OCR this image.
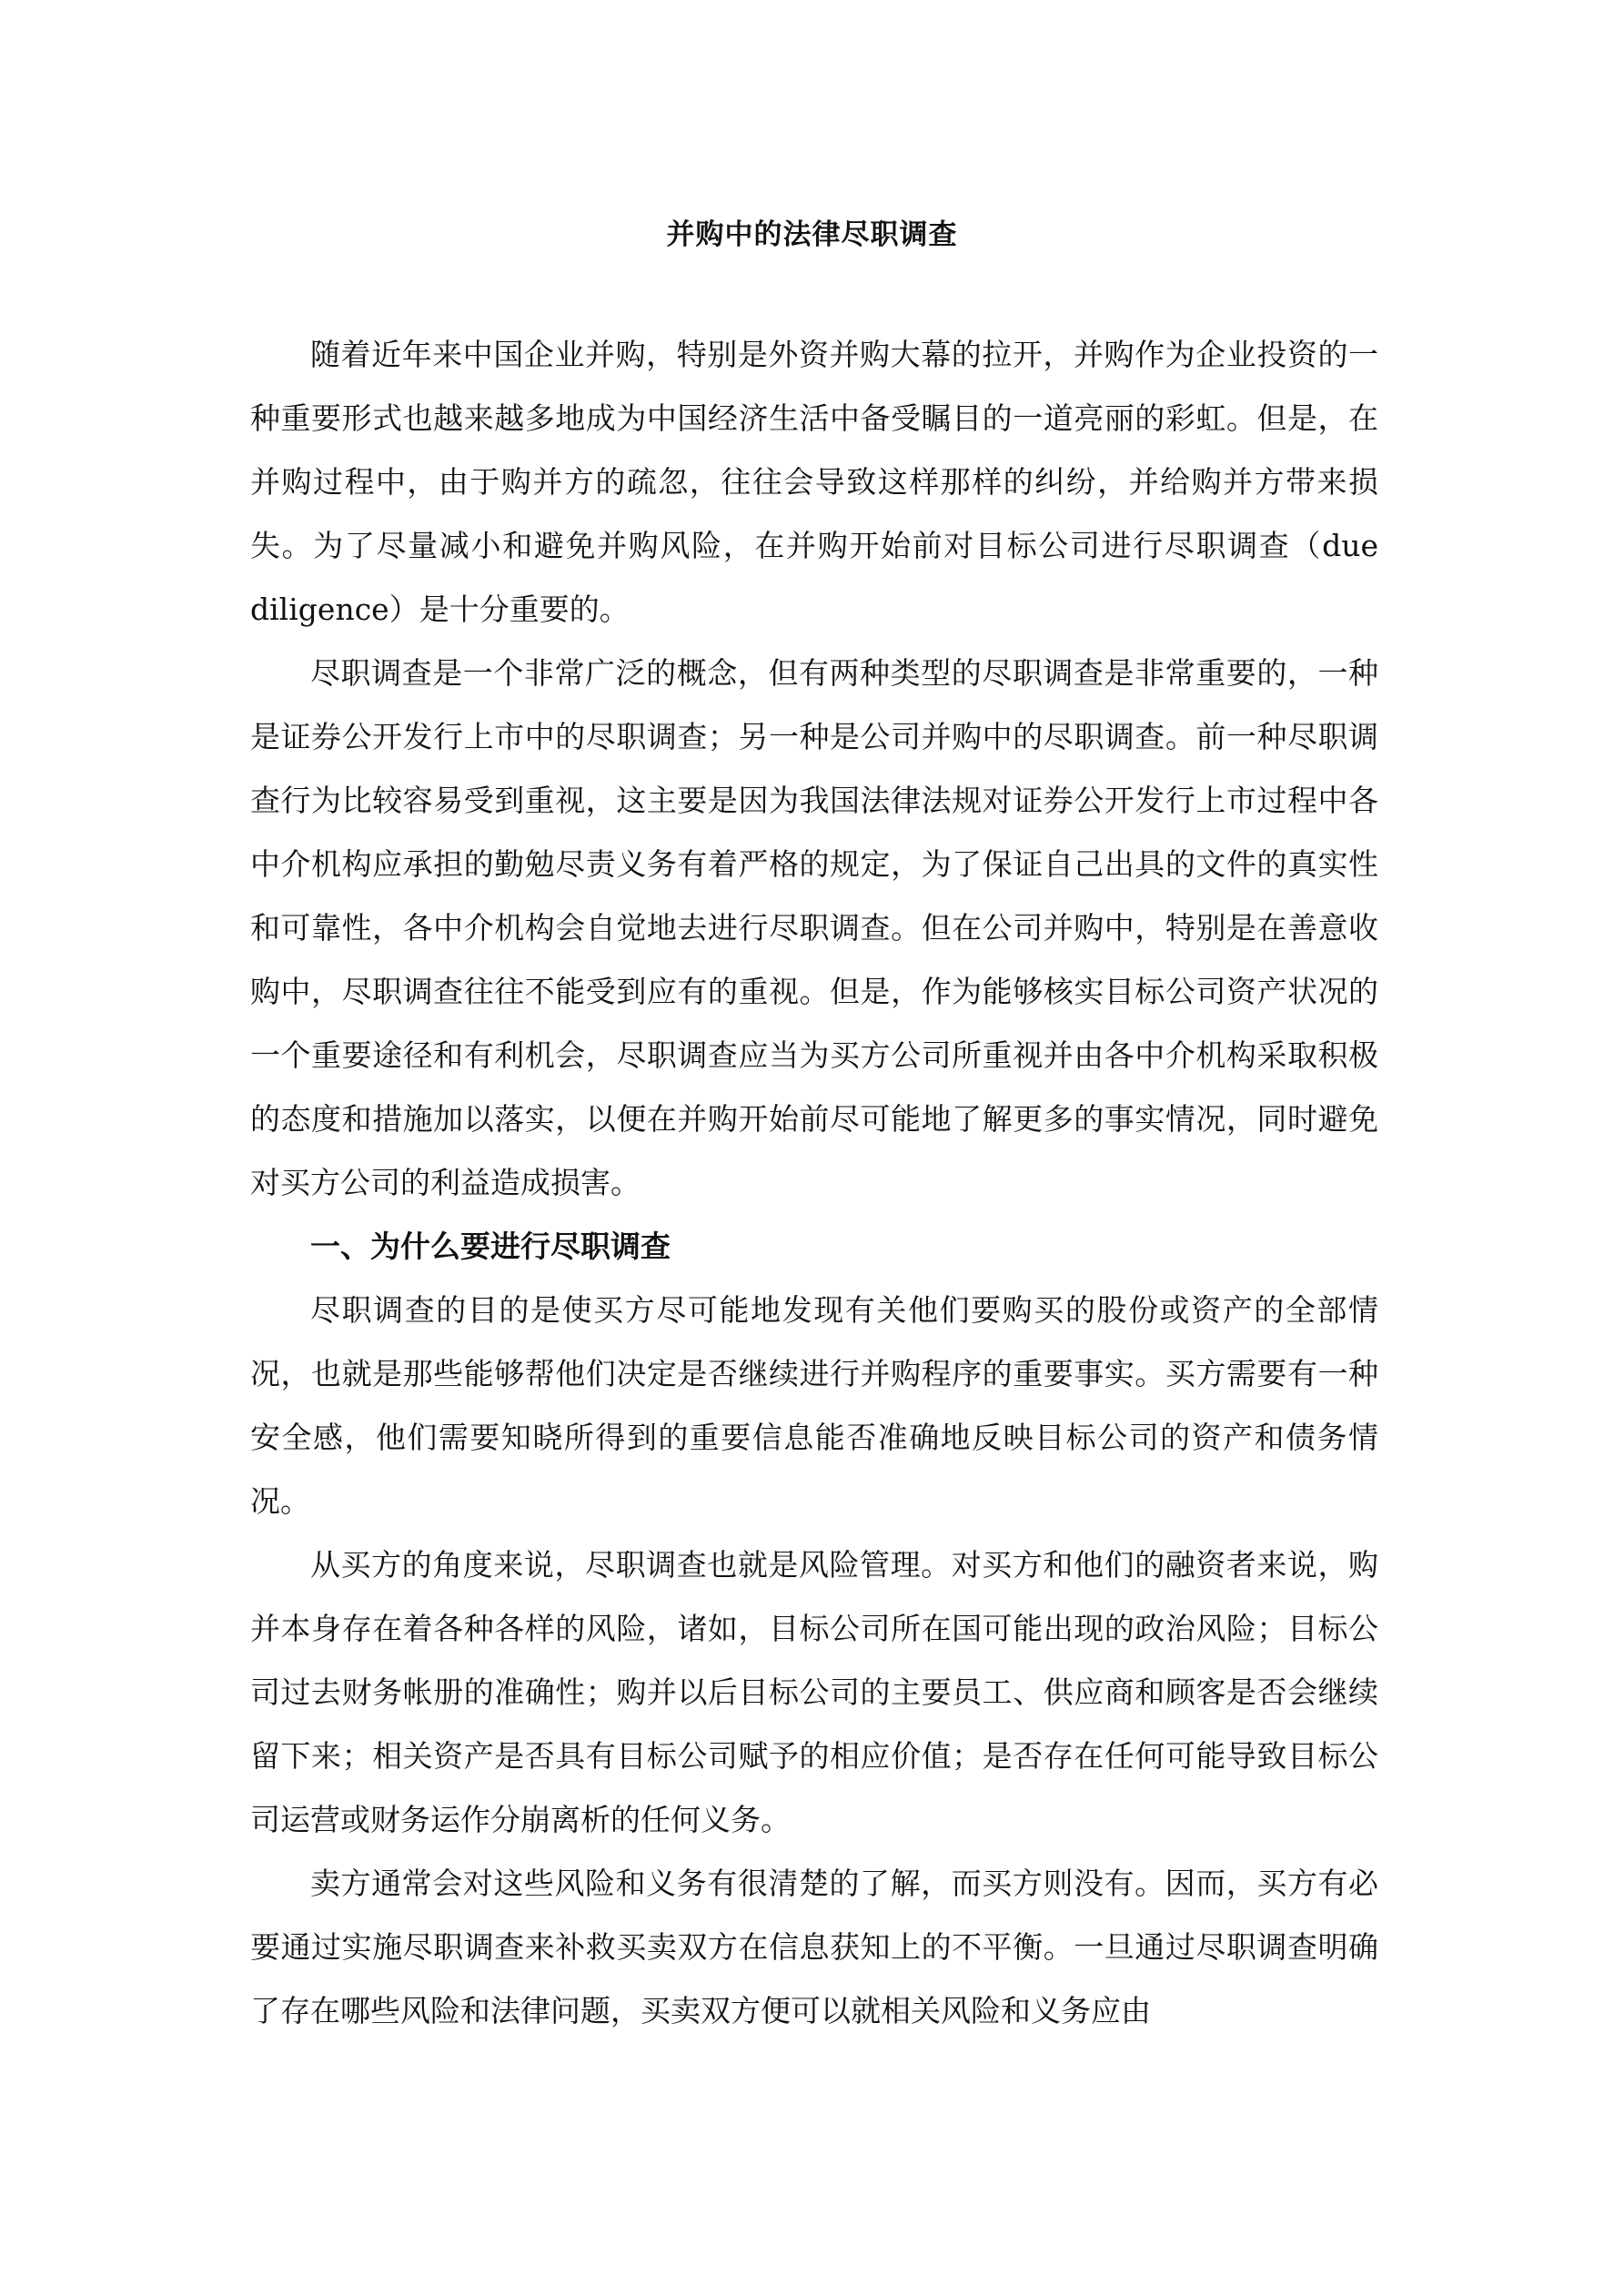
并购中的法律尽职调查

随着近年来中国企业并购，特别是外资并购大幕的拉开，并购作为企业投资的一种重要形式也越来越多地成为中国经济生活中备受瞩目的一道亮丽的彩虹。但是，在并购过程中，由于购并方的疏忽，往往会导致这样那样的纠纷，并给购并方带来损失。为了尽量减小和避免并购风险，在并购开始前对目标公司进行尽职调查（due diligence）是十分重要的。

尽职调查是一个非常广泛的概念，但有两种类型的尽职调查是非常重要的，一种是证券公开发行上市中的尽职调查；另一种是公司并购中的尽职调查。前一种尽职调查行为比较容易受到重视，这主要是因为我国法律法规对证券公开发行上市过程中各中介机构应承担的勤勉尽责义务有着严格的规定，为了保证自己出具的文件的真实性和可靠性，各中介机构会自觉地去进行尽职调查。但在公司并购中，特别是在善意收购中，尽职调查往往不能受到应有的重视。但是，作为能够核实目标公司资产状况的一个重要途径和有利机会，尽职调查应当为买方公司所重视并由各中介机构采取积极的态度和措施加以落实，以便在并购开始前尽可能地了解更多的事实情况，同时避免对买方公司的利益造成损害。

一、为什么要进行尽职调查

尽职调查的目的是使买方尽可能地发现有关他们要购买的股份或资产的全部情况，也就是那些能够帮他们决定是否继续进行并购程序的重要事实。买方需要有一种安全感，他们需要知晓所得到的重要信息能否准确地反映目标公司的资产和债务情况。

从买方的角度来说，尽职调查也就是风险管理。对买方和他们的融资者来说，购并本身存在着各种各样的风险，诸如，目标公司所在国可能出现的政治风险；目标公司过去财务帐册的准确性；购并以后目标公司的主要员工、供应商和顾客是否会继续留下来；相关资产是否具有目标公司赋予的相应价值；是否存在任何可能导致目标公司运营或财务运作分崩离析的任何义务。

卖方通常会对这些风险和义务有很清楚的了解，而买方则没有。因而，买方有必要通过实施尽职调查来补救买卖双方在信息获知上的不平衡。一旦通过尽职调查明确了存在哪些风险和法律问题，买卖双方便可以就相关风险和义务应由
